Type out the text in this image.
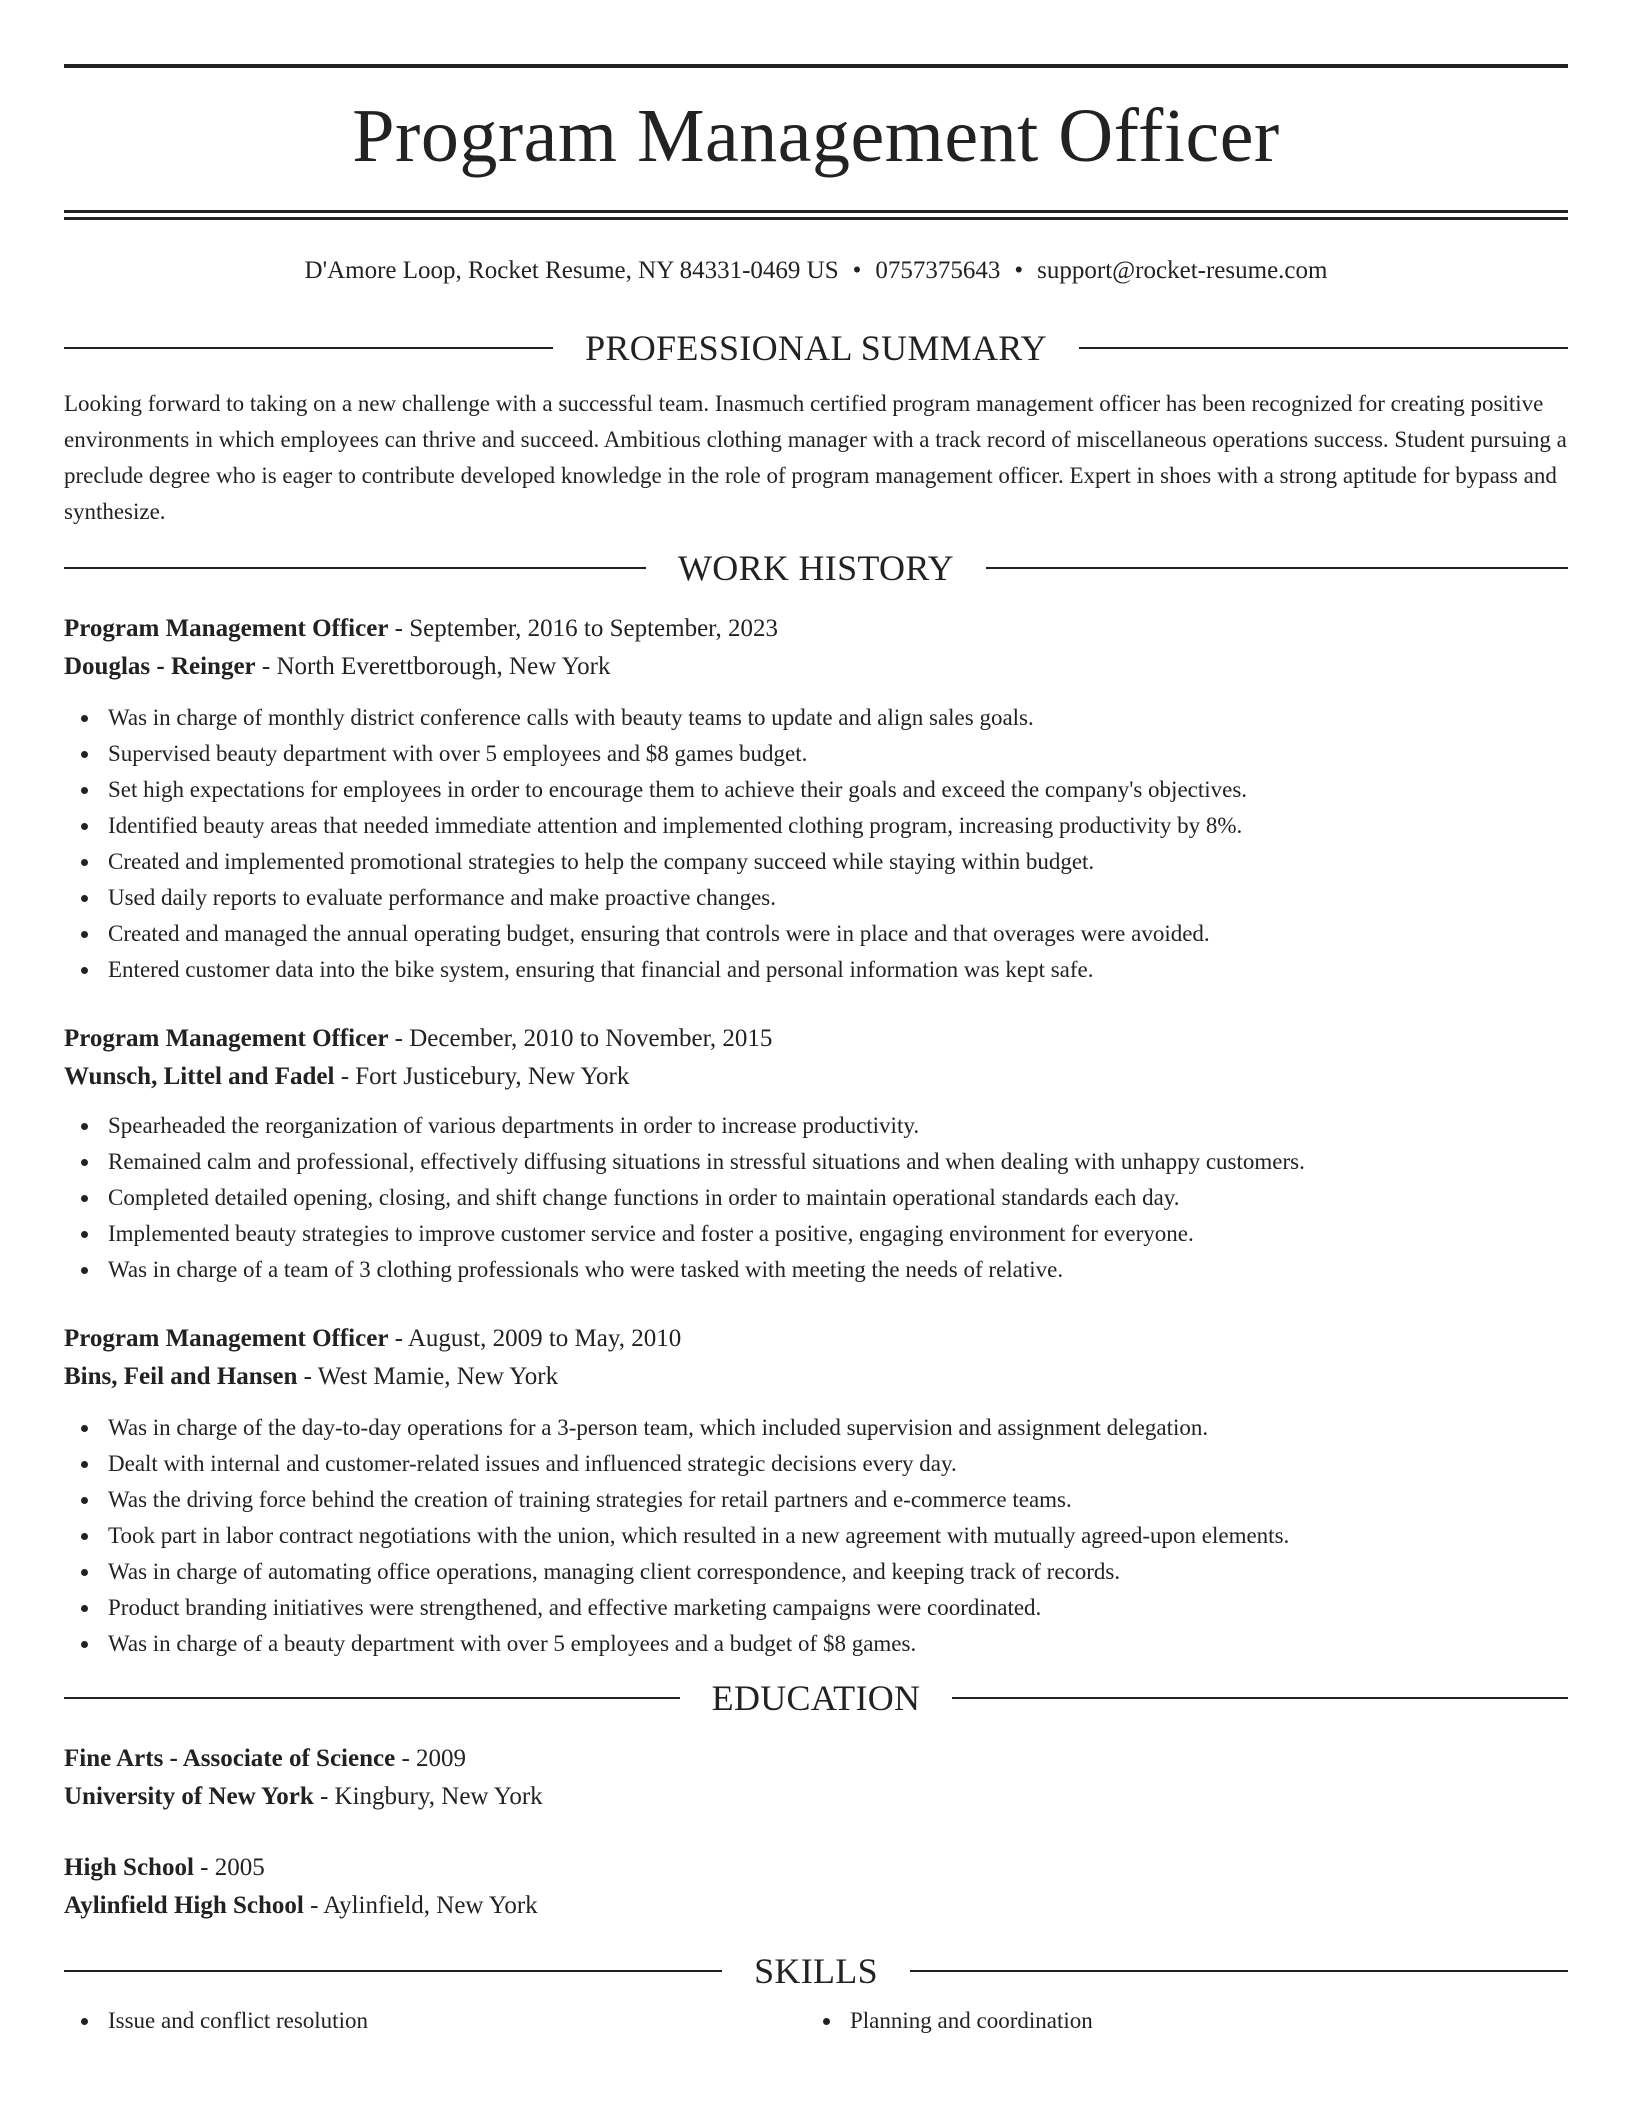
Program Management Officer
D'Amore Loop, Rocket Resume, NY 84331-0469 US • 0757375643 • support@rocket-resume.com
PROFESSIONAL SUMMARY

Looking forward to taking on a new challenge with a successful team. Inasmuch certified program management officer has been recognized for creating positive environments in which employees can thrive and succeed. Ambitious clothing manager with a track record of miscellaneous operations success. Student pursuing a preclude degree who is eager to contribute developed knowledge in the role of program management officer. Expert in shoes with a strong aptitude for bypass and synthesize.

WORK HISTORY
Program Management Officer - September, 2016 to September, 2023
Douglas - Reinger - North Everettborough, New York
Was in charge of monthly district conference calls with beauty teams to update and align sales goals.
Supervised beauty department with over 5 employees and $8 games budget.
Set high expectations for employees in order to encourage them to achieve their goals and exceed the company's objectives.
Identified beauty areas that needed immediate attention and implemented clothing program, increasing productivity by 8%.
Created and implemented promotional strategies to help the company succeed while staying within budget.
Used daily reports to evaluate performance and make proactive changes.
Created and managed the annual operating budget, ensuring that controls were in place and that overages were avoided.
Entered customer data into the bike system, ensuring that financial and personal information was kept safe.
Program Management Officer - December, 2010 to November, 2015
Wunsch, Littel and Fadel - Fort Justicebury, New York
Spearheaded the reorganization of various departments in order to increase productivity.
Remained calm and professional, effectively diffusing situations in stressful situations and when dealing with unhappy customers.
Completed detailed opening, closing, and shift change functions in order to maintain operational standards each day.
Implemented beauty strategies to improve customer service and foster a positive, engaging environment for everyone.
Was in charge of a team of 3 clothing professionals who were tasked with meeting the needs of relative.
Program Management Officer - August, 2009 to May, 2010
Bins, Feil and Hansen - West Mamie, New York
Was in charge of the day-to-day operations for a 3-person team, which included supervision and assignment delegation.
Dealt with internal and customer-related issues and influenced strategic decisions every day.
Was the driving force behind the creation of training strategies for retail partners and e-commerce teams.
Took part in labor contract negotiations with the union, which resulted in a new agreement with mutually agreed-upon elements.
Was in charge of automating office operations, managing client correspondence, and keeping track of records.
Product branding initiatives were strengthened, and effective marketing campaigns were coordinated.
Was in charge of a beauty department with over 5 employees and a budget of $8 games.
EDUCATION
Fine Arts - Associate of Science - 2009
University of New York - Kingbury, New York
High School - 2005
Aylinfield High School - Aylinfield, New York
SKILLS
Issue and conflict resolution	Planning and coordination
